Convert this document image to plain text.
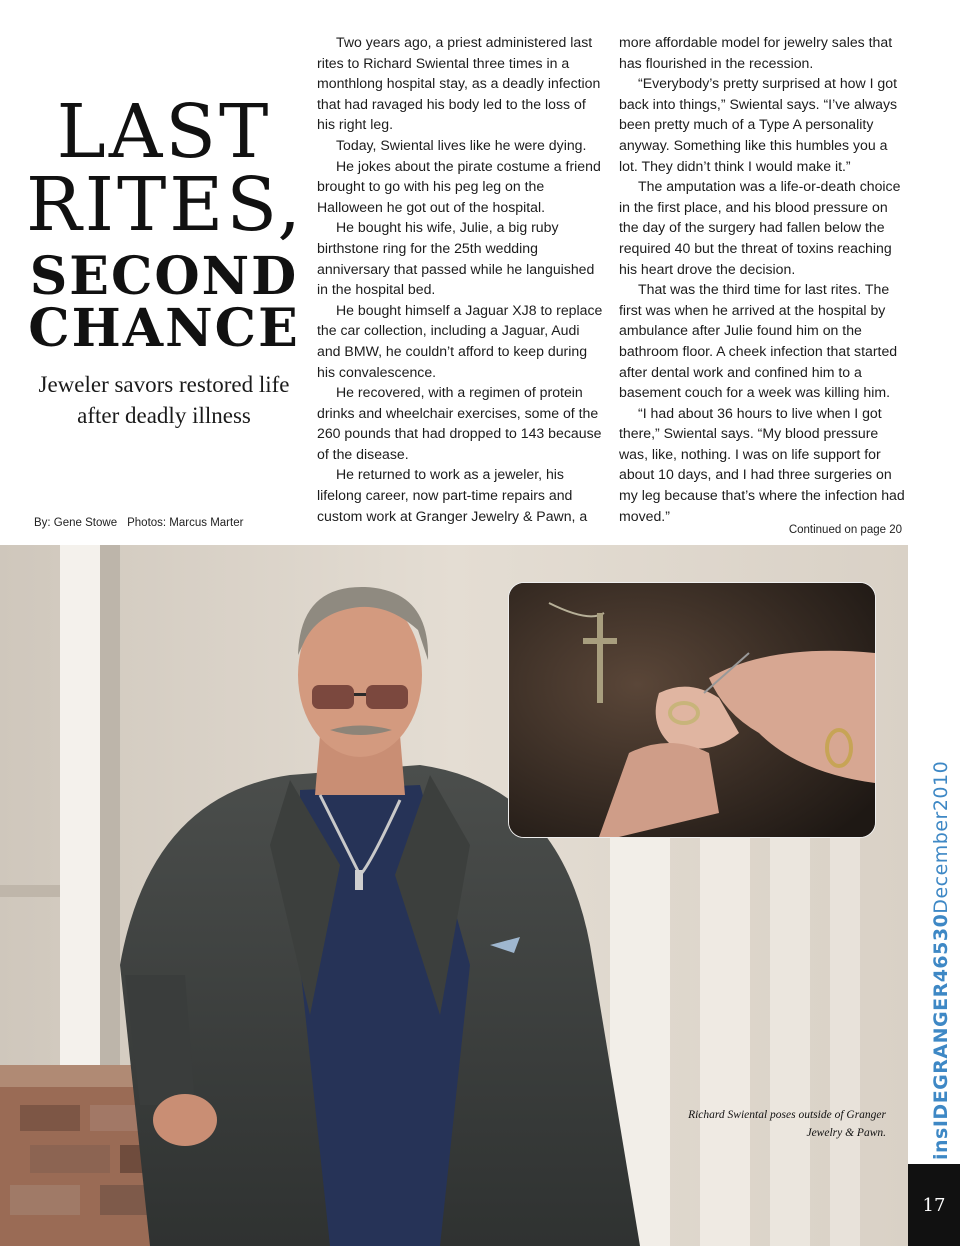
LAST
RITES,
SECOND
CHANCE
Jeweler savors restored life after deadly illness
By: Gene Stowe Photos: Marcus Marter

Two years ago, a priest administered last rites to Richard Swiental three times in a monthlong hospital stay, as a deadly infection that had ravaged his body led to the loss of his right leg.

Today, Swiental lives like he were dying.

He jokes about the pirate costume a friend brought to go with his peg leg on the Halloween he got out of the hospital.

He bought his wife, Julie, a big ruby birthstone ring for the 25th wedding anniversary that passed while he languished in the hospital bed.

He bought himself a Jaguar XJ8 to replace the car collection, including a Jaguar, Audi and BMW, he couldn’t afford to keep during his convalescence.

He recovered, with a regimen of protein drinks and wheelchair exercises, some of the 260 pounds that had dropped to 143 because of the disease.

He returned to work as a jeweler, his lifelong career, now part-time repairs and custom work at Granger Jewelry & Pawn, a

more affordable model for jewelry sales that has flourished in the recession.

“Everybody’s pretty surprised at how I got back into things,” Swiental says. “I’ve always been pretty much of a Type A personality anyway. Something like this humbles you a lot. They didn’t think I would make it.”

The amputation was a life-or-death choice in the first place, and his blood pressure on the day of the surgery had fallen below the required 40 but the threat of toxins reaching his heart drove the decision.

That was the third time for last rites. The first was when he arrived at the hospital by ambulance after Julie found him on the bathroom floor. A cheek infection that started after dental work and confined him to a basement couch for a week was killing him.

“I had about 36 hours to live when I got there,” Swiental says. “My blood pressure was, like, nothing. I was on life support for about 10 days, and I had three surgeries on my leg because that’s where the infection had moved.”

Continued on page 20
Richard Swiental poses outside of Granger Jewelry & Pawn. insIDEGRANGER46530December2010
17
